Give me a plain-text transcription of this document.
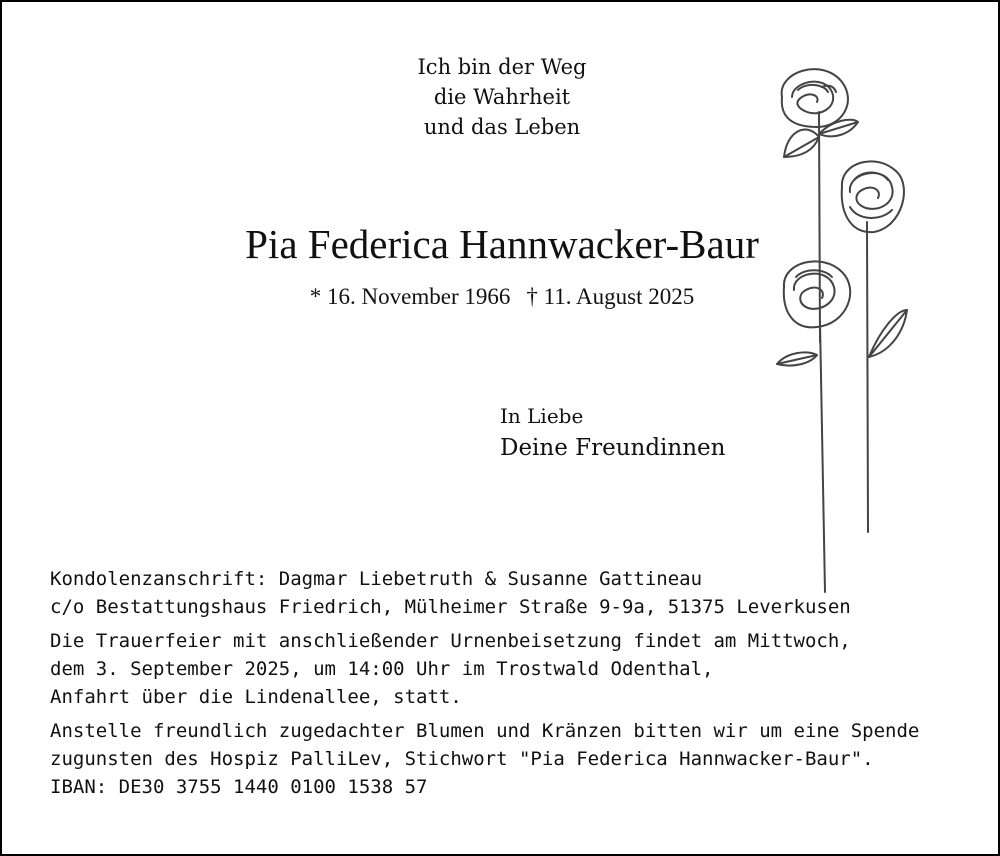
Ich bin der Weg
die Wahrheit
und das Leben
Pia Federica Hannwacker-Baur
* 16. November 1966 † 11. August 2025
In Liebe
Deine Freundinnen
Kondolenzanschrift: Dagmar Liebetruth & Susanne Gattineau
c/o Bestattungshaus Friedrich, Mülheimer Straße 9-9a, 51375 Leverkusen
Die Trauerfeier mit anschließender Urnenbeisetzung findet am Mittwoch,
dem 3. September 2025, um 14:00 Uhr im Trostwald Odenthal,
Anfahrt über die Lindenallee, statt.
Anstelle freundlich zugedachter Blumen und Kränzen bitten wir um eine Spende
zugunsten des Hospiz PalliLev, Stichwort "Pia Federica Hannwacker-Baur".
IBAN: DE30 3755 1440 0100 1538 57
